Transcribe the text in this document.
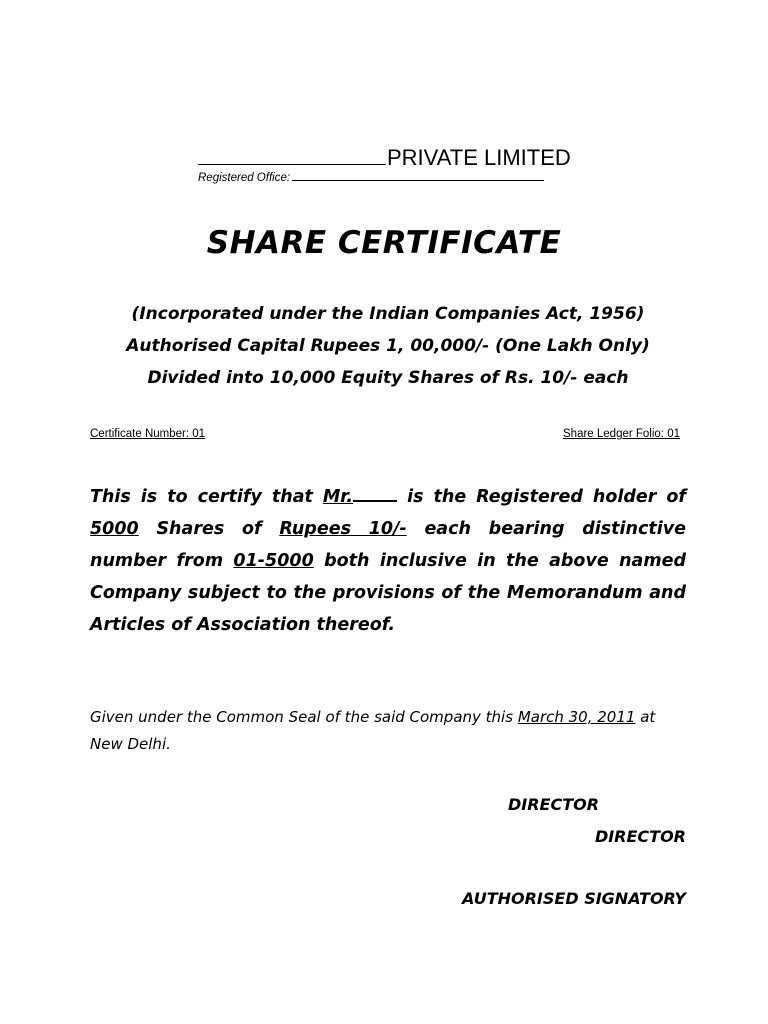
PRIVATE LIMITED
Registered Office:
SHARE CERTIFICATE
(Incorporated under the Indian Companies Act, 1956)
Authorised Capital Rupees 1, 00,000/- (One Lakh Only)
Divided into 10,000 Equity Shares of Rs. 10/- each
Certificate Number: 01	Share Ledger Folio: 01
This is to certify that Mr.	is the Registered holder of 5000 Shares of Rupees 10/- each bearing distinctive number from 01-5000 both inclusive in the above named Company subject to the provisions of the Memorandum and Articles of Association thereof.
Given under the Common Seal of the said Company this March 30, 2011 at New Delhi.
DIRECTOR
DIRECTOR
AUTHORISED SIGNATORY
